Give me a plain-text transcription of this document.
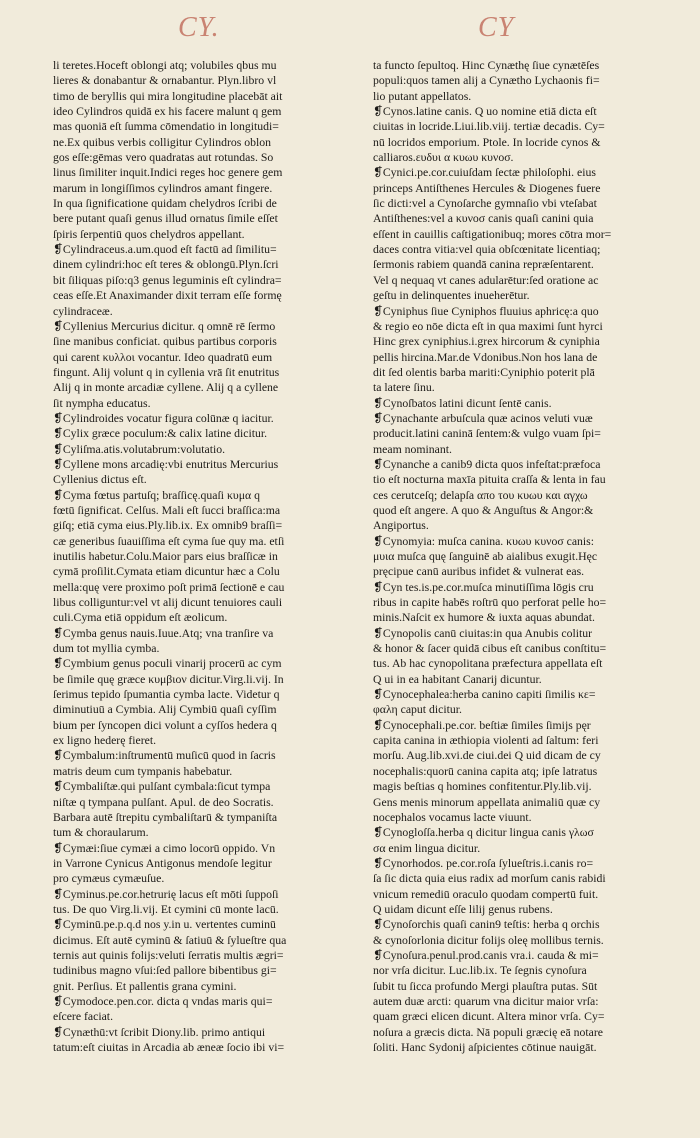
CY.	CY
li teretes.Hoceft oblongi atq; volubiles qbus mu
lieres & donabantur & ornabantur. Plyn.libro vl
timo de beryllis qui mira longitudine placebāt ait
ideo Cylindros quidā ex his facere malunt q gem
mas quoniā eſt ſumma cōmendatio in longitudi=
ne.Ex quibus verbis colligitur Cylindros oblon
gos eſſe:gēmas vero quadratas aut rotundas. So
linus ſimiliter inquit.Indici reges hoc genere gem
marum in longiſſimos cylindros amant fingere.
In qua ſignificatione quidam chelydros ſcribi de
bere putant quaſi genus illud ornatus ſimile eſſet
ſpiris ſerpentiū quos chelydros appellant.
❡Cylindraceus.a.um.quod eſt factū ad ſimilitu=
dinem cylindri:hoc eſt teres & oblongū.Plyn.ſcri
bit ſiliquas piſo:q3 genus leguminis eſt cylindra=
ceas eſſe.Et Anaximander dixit terram eſſe formę
cylindraceæ.
❡Cyllenius Mercurius dicitur. q omnē rē ſermo
ſine manibus conficiat. quibus partibus corporis
qui carent κυλλοι vocantur. Ideo quadratū eum
fingunt. Alij volunt q in cyllenia vrā ſit enutritus
Alij q in monte arcadiæ cyllene. Alij q a cyllene
ſit nympha educatus.
❡Cylindroides vocatur figura colūnæ q iacitur.
❡Cylix græce poculum:& calix latine dicitur.
❡Cyliſma.atis.volutabrum:volutatio.
❡Cyllene mons arcadię:vbi enutritus Mercurius
Cyllenius dictus eſt.
❡Cyma fœtus partuſq; braſſicę.quaſi κυμα q
fœtū ſignificat. Celſus. Mali eſt ſucci braſſica:ma
giſq; etiā cyma eius.Ply.lib.ix. Ex omnib9 braſſi=
cæ generibus ſuauiſſima eſt cyma ſue quy ma. etſi
inutilis habetur.Colu.Maior pars eius braſſicæ in
cymā proſilit.Cymata etiam dicuntur hæc a Colu
mella:quę vere proximo poſt primā ſectionē e cau
libus colliguntur:vel vt alij dicunt tenuiores cauli
culi.Cyma etiā oppidum eſt æolicum.
❡Cymba genus nauis.Iuue.Atq; vna tranſire va
dum tot myllia cymba.
❡Cymbium genus poculi vinarij procerū ac cym
be ſimile quę græce κυμβιον dicitur.Virg.li.vij. In
ſerimus tepido ſpumantia cymba lacte. Videtur q
diminutiuū a Cymbia. Alij Cymbiū quaſi cyſſim
bium per ſyncopen dici volunt a cyſſos hedera q
ex ligno hederę fieret.
❡Cymbalum:inſtrumentū muſicū quod in ſacris
matris deum cum tympanis habebatur.
❡Cymbaliſtæ.qui pulſant cymbala:ſicut tympa
niſtæ q tympana pulſant. Apul. de deo Socratis.
Barbara autē ſtrepitu cymbaliſtarū & tympaniſta
tum & choraularum.
❡Cymæi:ſiue cymæi a cimo locorū oppido. Vn
in Varrone Cynicus Antigonus mendoſe legitur
pro cymæus cymæuſue.
❡Cyminus.pe.cor.hetrurię lacus eſt mōti ſuppoſi
tus. De quo Virg.li.vij. Et cymini cū monte lacū.
❡Cyminū.pe.p.q.d nos y.in u. vertentes cuminū
dicimus. Eſt autē cyminū & ſatiuū & ſylueſtre qua
ternis aut quinis folijs:veluti ſerratis multis ægri=
tudinibus magno vſui:ſed pallore bibentibus gi=
gnit. Perſius. Et pallentis grana cymini.
❡Cymodoce.pen.cor. dicta q vndas maris qui=
eſcere faciat.
❡Cynæthū:vt ſcribit Diony.lib. primo antiqui
tatum:eſt ciuitas in Arcadia ab æneæ ſocio ibi vi=
ta functo ſepultoq. Hinc Cynæthę ſiue cynætēſes
populi:quos tamen alij a Cynætho Lychaonis fi=
lio putant appellatos.
❡Cynos.latine canis. Q uo nomine etiā dicta eſt
ciuitas in locride.Liui.lib.viij. tertiæ decadis. Cy=
nū locridos emporium. Ptole. In locride cynos &
calliaros.ευδυι α κυωυ κυνοσ.
❡Cynici.pe.cor.cuiuſdam ſectæ philoſophi. eius
princeps Antiſthenes Hercules & Diogenes fuere
ſic dicti:vel a Cynoſarche gymnaſio vbi vteſabat
Antiſthenes:vel a κυνοσ canis quaſi canini quia
eſſent in cauillis caſtigationibuq; mores cōtra mor=
daces contra vitia:vel quia obſcœnitate licentiaq;
ſermonis rabiem quandā canina repræſentarent.
Vel q nequaq vt canes adularētur:ſed oratione ac
geſtu in delinquentes inueherētur.
❡Cyniphus ſiue Cyniphos fluuius aphricę:a quo
& regio eo nōe dicta eſt in qua maximi ſunt hyrci
Hinc grex cyniphius.i.grex hircorum & cyniphia
pellis hircina.Mar.de Vdonibus.Non hos lana de
dit ſed olentis barba mariti:Cyniphio poterit plā
ta latere ſinu.
❡Cynoſbatos latini dicunt ſentē canis.
❡Cynachante arbuſcula quæ acinos veluti vuæ
producit.latini caninā ſentem:& vulgo vuam ſpi=
meam nominant.
❡Cynanche a canib9 dicta quos infeſtat:præfoca
tio eſt nocturna maxīa pituita craſſa & lenta in fau
ces cerutceſq; delapſa απο του κυωυ και αγχω
quod eſt angere. A quo & Anguſtus & Angor:&
Angiportus.
❡Cynomyia: muſca canina. κυωυ κυνοσ canis:
μυια muſca quę ſanguinē ab aialibus exugit.Hęc
pręcipue canū auribus infidet & vulnerat eas.
❡Cyn tes.is.pe.cor.muſca minutiſſima lōgis cru
ribus in capite habēs roſtrū quo perforat pelle ho=
minis.Naſcit ex humore & iuxta aquas abundat.
❡Cynopolis canū ciuitas:in qua Anubis colitur
& honor & ſacer quidā cibus eſt canibus conſtitu=
tus. Ab hac cynopolitana præfectura appellata eſt
Q ui in ea habitant Canarij dicuntur.
❡Cynocephalea:herba canino capiti ſimilis κε=
φαλη caput dicitur.
❡Cynocephali.pe.cor. beſtiæ ſimiles ſimijs pęr
capita canina in æthiopia violenti ad ſaltum: feri
morſu. Aug.lib.xvi.de ciui.dei Q uid dicam de cy
nocephalis:quorū canina capita atq; ipſe latratus
magis beſtias q homines confitentur.Ply.lib.vij.
Gens menis minorum appellata animaliū quæ cy
nocephalos vocamus lacte viuunt.
❡Cynogloſſa.herba q dicitur lingua canis γλωσ
σα enim lingua dicitur.
❡Cynorhodos. pe.cor.roſa ſylueſtris.i.canis ro=
ſa ſic dicta quia eius radix ad morſum canis rabidi
vnicum remediū oraculo quodam compertū fuit.
Q uidam dicunt eſſe lilij genus rubens.
❡Cynoſorchis quaſi canin9 teſtis: herba q orchis
& cynoſorlonia dicitur folijs oleę mollibus ternis.
❡Cynoſura.penul.prod.canis vra.i. cauda & mi=
nor vrſa dicitur. Luc.lib.ix. Te ſegnis cynoſura
ſubit tu ſicca profundo Mergi plauſtra putas. Sūt
autem duæ arcti: quarum vna dicitur maior vrſa:
quam græci elicen dicunt. Altera minor vrſa. Cy=
noſura a græcis dicta. Nā populi græcię eā notare
ſoliti. Hanc Sydonij aſpicientes cōtinue nauigāt.
